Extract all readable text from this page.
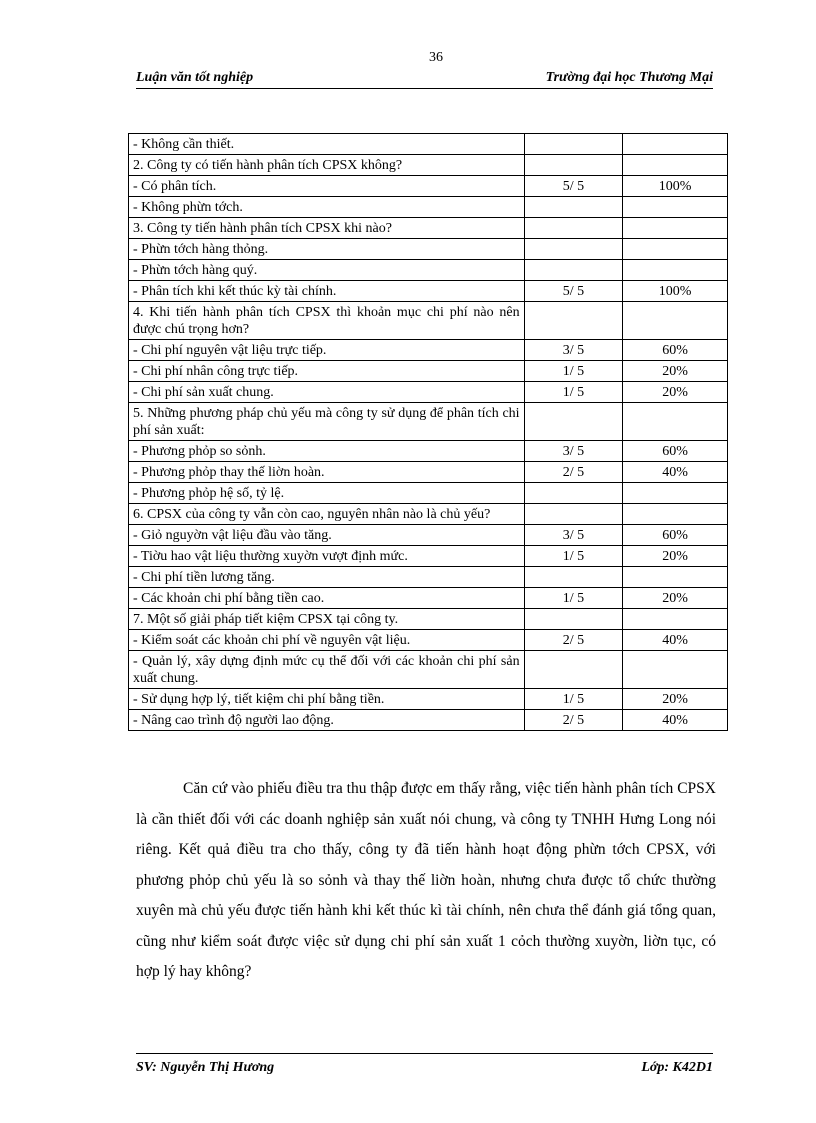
36
Luận văn tốt nghiệp	Trường đại học Thương Mại
- Không cần thiết.		
2. Công ty có tiến hành phân tích CPSX không?		
- Có phân tích.	5/ 5	100%
- Không phừn tớch.		
3. Công ty tiến hành phân tích CPSX khi nào?		
- Phừn tớch hàng thỏng.		
- Phừn tớch hàng quý.		
- Phân tích khi kết thúc kỳ tài chính.	5/ 5	100%
4. Khi tiến hành phân tích CPSX thì khoản mục chi phí nào nên được chú trọng hơn?		
- Chi phí nguyên vật liệu trực tiếp.	3/ 5	60%
- Chi phí nhân công trực tiếp.	1/ 5	20%
- Chi phí sản xuất chung.	1/ 5	20%
5. Những phương pháp chủ yếu mà công ty sử dụng để phân tích chi phí sản xuất:		
- Phương phỏp so sỏnh.	3/ 5	60%
- Phương phỏp thay thế liờn hoàn.	2/ 5	40%
- Phương phỏp hệ số, tỷ lệ.		
6. CPSX của công ty vẫn còn cao, nguyên nhân nào là chủ yếu?		
- Giỏ nguyờn vật liệu đầu vào tăng.	3/ 5	60%
- Tiờu hao vật liệu thường xuyờn vượt định mức.	1/ 5	20%
- Chi phí tiền lương tăng.		
- Các khoản chi phí bằng tiền cao.	1/ 5	20%
7. Một số giải pháp tiết kiệm CPSX tại công ty.		
- Kiểm soát các khoản chi phí về nguyên vật liệu.	2/ 5	40%
- Quản lý, xây dựng định mức cụ thể đối với các khoản chi phí sản xuất chung.		
- Sử dụng hợp lý, tiết kiệm chi phí bằng tiền.	1/ 5	20%
- Nâng cao trình độ người lao động.	2/ 5	40%
Căn cứ vào phiếu điều tra thu thập được em thấy rằng, việc tiến hành phân tích CPSX là cần thiết đối với các doanh nghiệp sản xuất nói chung, và công ty TNHH Hưng Long nói riêng. Kết quả điều tra cho thấy, công ty đã tiến hành hoạt động phừn tớch CPSX, với phương phỏp chủ yếu là so sỏnh và thay thế liờn hoàn, nhưng chưa được tổ chức thường xuyên mà chủ yếu được tiến hành khi kết thúc kì tài chính, nên chưa thể đánh giá tổng quan, cũng như kiểm soát được việc sử dụng chi phí sản xuất 1 cỏch thường xuyờn, liờn tục, có hợp lý hay không?
SV: Nguyễn Thị Hương	Lớp: K42D1
